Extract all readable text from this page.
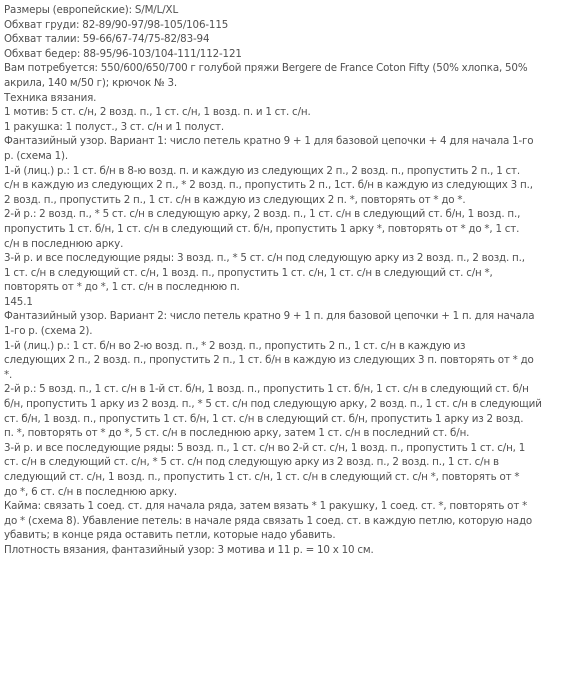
Размеры (европейские): S/M/L/XL
Обхват груди: 82-89/90-97/98-105/106-115
Обхват талии: 59-66/67-74/75-82/83-94
Обхват бедер: 88-95/96-103/104-111/112-121
Вам потребуется: 550/600/650/700 г голубой пряжи Bergere de France Coton Fifty (50% хлопка, 50%
акрила, 140 м/50 г); крючок № 3.
Техника вязания.
1 мотив: 5 ст. с/н, 2 возд. п., 1 ст. с/н, 1 возд. п. и 1 ст. с/н.
1 ракушка: 1 полуст., 3 ст. с/н и 1 полуст.
Фантазийный узор. Вариант 1: число петель кратно 9 + 1 для базовой цепочки + 4 для начала 1-го
р. (схема 1).
1-й (лиц.) р.: 1 ст. б/н в 8-ю возд. п. и каждую из следующих 2 п., 2 возд. п., пропустить 2 п., 1 ст.
с/н в каждую из следующих 2 п., * 2 возд. п., пропустить 2 п., 1ст. б/н в каждую из следующих 3 п.,
2 возд. п., пропустить 2 п., 1 ст. с/н в каждую из следующих 2 п. *, повторять от * до *.
2-й р.: 2 возд. п., * 5 ст. с/н в следующую арку, 2 возд. п., 1 ст. с/н в следующий ст. б/н, 1 возд. п.,
пропустить 1 ст. б/н, 1 ст. с/н в следующий ст. б/н, пропустить 1 арку *, повторять от * до *, 1 ст.
с/н в последнюю арку.
3-й р. и все последующие ряды: 3 возд. п., * 5 ст. с/н под следующую арку из 2 возд. п., 2 возд. п.,
1 ст. с/н в следующий ст. с/н, 1 возд. п., пропустить 1 ст. с/н, 1 ст. с/н в следующий ст. с/н *,
повторять от * до *, 1 ст. с/н в последнюю п.
145.1
Фантазийный узор. Вариант 2: число петель кратно 9 + 1 п. для базовой цепочки + 1 п. для начала
1-го р. (схема 2).
1-й (лиц.) р.: 1 ст. б/н во 2-ю возд. п., * 2 возд. п., пропустить 2 п., 1 ст. с/н в каждую из
следующих 2 п., 2 возд. п., пропустить 2 п., 1 ст. б/н в каждую из следующих 3 п. повторять от * до
*.
2-й р.: 5 возд. п., 1 ст. с/н в 1-й ст. б/н, 1 возд. п., пропустить 1 ст. б/н, 1 ст. с/н в следующий ст. б/н
б/н, пропустить 1 арку из 2 возд. п., * 5 ст. с/н под следующую арку, 2 возд. п., 1 ст. с/н в следующий
ст. б/н, 1 возд. п., пропустить 1 ст. б/н, 1 ст. с/н в следующий ст. б/н, пропустить 1 арку из 2 возд.
п. *, повторять от * до *, 5 ст. с/н в последнюю арку, затем 1 ст. с/н в последний ст. б/н.
3-й р. и все последующие ряды: 5 возд. п., 1 ст. с/н во 2-й ст. с/н, 1 возд. п., пропустить 1 ст. с/н, 1
ст. с/н в следующий ст. с/н, * 5 ст. с/н под следующую арку из 2 возд. п., 2 возд. п., 1 ст. с/н в
следующий ст. с/н, 1 возд. п., пропустить 1 ст. с/н, 1 ст. с/н в следующий ст. с/н *, повторять от *
до *, 6 ст. с/н в последнюю арку.
Кайма: связать 1 соед. ст. для начала ряда, затем вязать * 1 ракушку, 1 соед. ст. *, повторять от *
до * (схема 8). Убавление петель: в начале ряда связать 1 соед. ст. в каждую петлю, которую надо
убавить; в конце ряда оставить петли, которые надо убавить.
Плотность вязания, фантазийный узор: 3 мотива и 11 р. = 10 х 10 см.
